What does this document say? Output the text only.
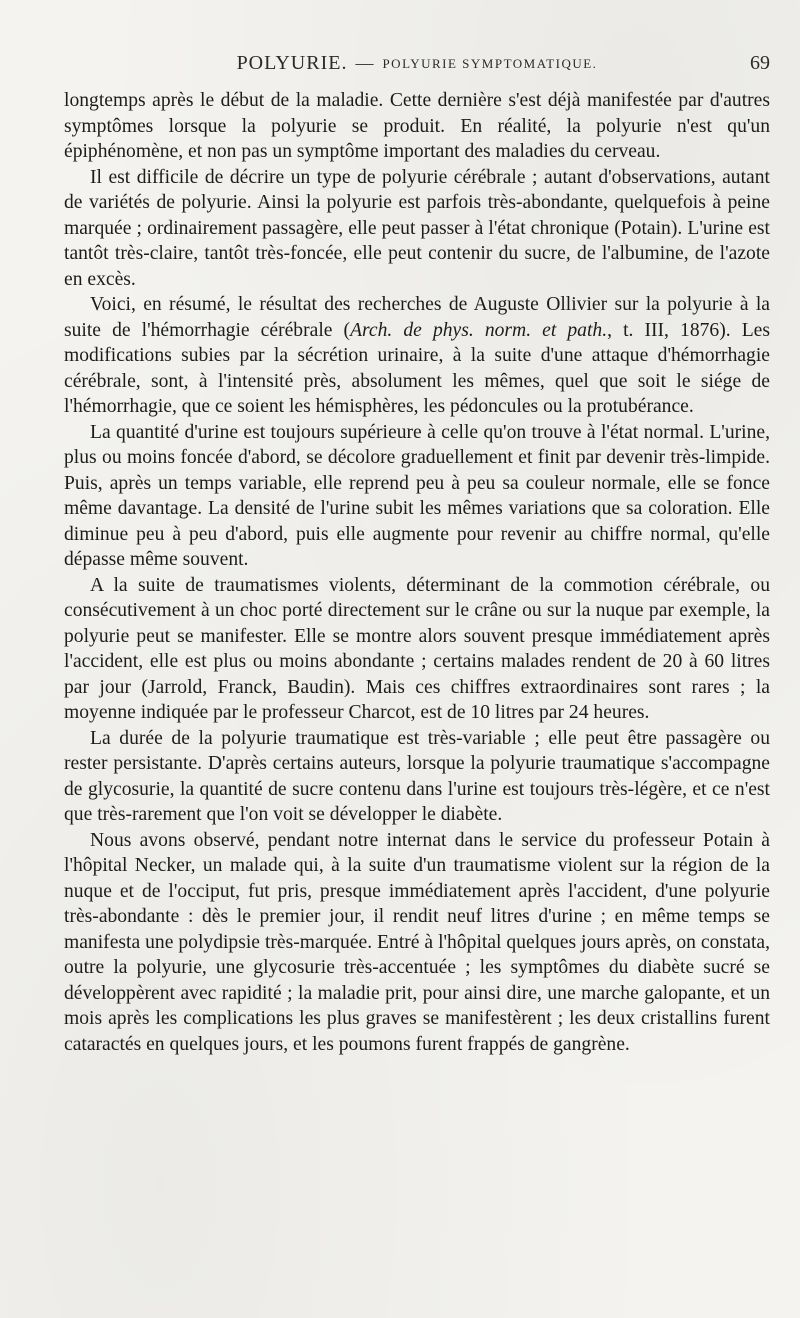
POLYURIE. — POLYURIE SYMPTOMATIQUE.	69

longtemps après le début de la maladie. Cette dernière s'est déjà manifestée par d'autres symptômes lorsque la polyurie se produit. En réalité, la polyurie n'est qu'un épiphénomène, et non pas un symptôme important des maladies du cerveau.

Il est difficile de décrire un type de polyurie cérébrale ; autant d'observations, autant de variétés de polyurie. Ainsi la polyurie est parfois très-abondante, quelquefois à peine marquée ; ordinairement passagère, elle peut passer à l'état chronique (Potain). L'urine est tantôt très-claire, tantôt très-foncée, elle peut contenir du sucre, de l'albumine, de l'azote en excès.

Voici, en résumé, le résultat des recherches de Auguste Ollivier sur la polyurie à la suite de l'hémorrhagie cérébrale (Arch. de phys. norm. et path., t. III, 1876). Les modifications subies par la sécrétion urinaire, à la suite d'une attaque d'hémorrhagie cérébrale, sont, à l'intensité près, absolument les mêmes, quel que soit le siége de l'hémorrhagie, que ce soient les hémisphères, les pédoncules ou la protubérance.

La quantité d'urine est toujours supérieure à celle qu'on trouve à l'état normal. L'urine, plus ou moins foncée d'abord, se décolore graduellement et finit par devenir très-limpide. Puis, après un temps variable, elle reprend peu à peu sa couleur normale, elle se fonce même davantage. La densité de l'urine subit les mêmes variations que sa coloration. Elle diminue peu à peu d'abord, puis elle augmente pour revenir au chiffre normal, qu'elle dépasse même souvent.

A la suite de traumatismes violents, déterminant de la commotion cérébrale, ou consécutivement à un choc porté directement sur le crâne ou sur la nuque par exemple, la polyurie peut se manifester. Elle se montre alors souvent presque immédiatement après l'accident, elle est plus ou moins abondante ; certains malades rendent de 20 à 60 litres par jour (Jarrold, Franck, Baudin). Mais ces chiffres extraordinaires sont rares ; la moyenne indiquée par le professeur Charcot, est de 10 litres par 24 heures.

La durée de la polyurie traumatique est très-variable ; elle peut être passagère ou rester persistante. D'après certains auteurs, lorsque la polyurie traumatique s'accompagne de glycosurie, la quantité de sucre contenu dans l'urine est toujours très-légère, et ce n'est que très-rarement que l'on voit se développer le diabète.

Nous avons observé, pendant notre internat dans le service du professeur Potain à l'hôpital Necker, un malade qui, à la suite d'un traumatisme violent sur la région de la nuque et de l'occiput, fut pris, presque immédiatement après l'accident, d'une polyurie très-abondante : dès le premier jour, il rendit neuf litres d'urine ; en même temps se manifesta une polydipsie très-marquée. Entré à l'hôpital quelques jours après, on constata, outre la polyurie, une glycosurie très-accentuée ; les symptômes du diabète sucré se développèrent avec rapidité ; la maladie prit, pour ainsi dire, une marche galopante, et un mois après les complications les plus graves se manifestèrent ; les deux cristallins furent cataractés en quelques jours, et les poumons furent frappés de gangrène.
